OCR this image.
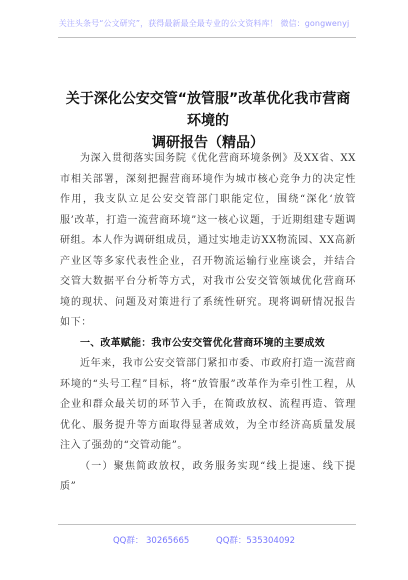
关注头条号“公文研究”，获得最新最全最专业的公文资料库！ 微信：gongwenyj
关于深化公安交管“放管服”改革优化我市营商环境的
调研报告（精品）

为深入贯彻落实国务院《优化营商环境条例》及XX省、XX市相关部署，深刻把握营商环境作为城市核心竞争力的决定性作用，我支队立足公安交管部门职能定位，围绕“深化‘放管服’改革，打造一流营商环境”这一核心议题，于近期组建专题调研组。本人作为调研组成员，通过实地走访XX物流园、XX高新产业区等多家代表性企业，召开物流运输行业座谈会，并结合交管大数据平台分析等方式，对我市公安交管领域优化营商环境的现状、问题及对策进行了系统性研究。现将调研情况报告如下：

一、改革赋能：我市公安交管优化营商环境的主要成效

近年来，我市公安交管部门紧扣市委、市政府打造一流营商环境的“头号工程”目标，将“放管服”改革作为牵引性工程，从企业和群众最关切的环节入手，在简政放权、流程再造、管理优化、服务提升等方面取得显著成效，为全市经济高质量发展注入了强劲的“交管动能”。

（一）聚焦简政放权，政务服务实现“线上提速、线下提质”

QQ群： 30265665	QQ群：535304092
